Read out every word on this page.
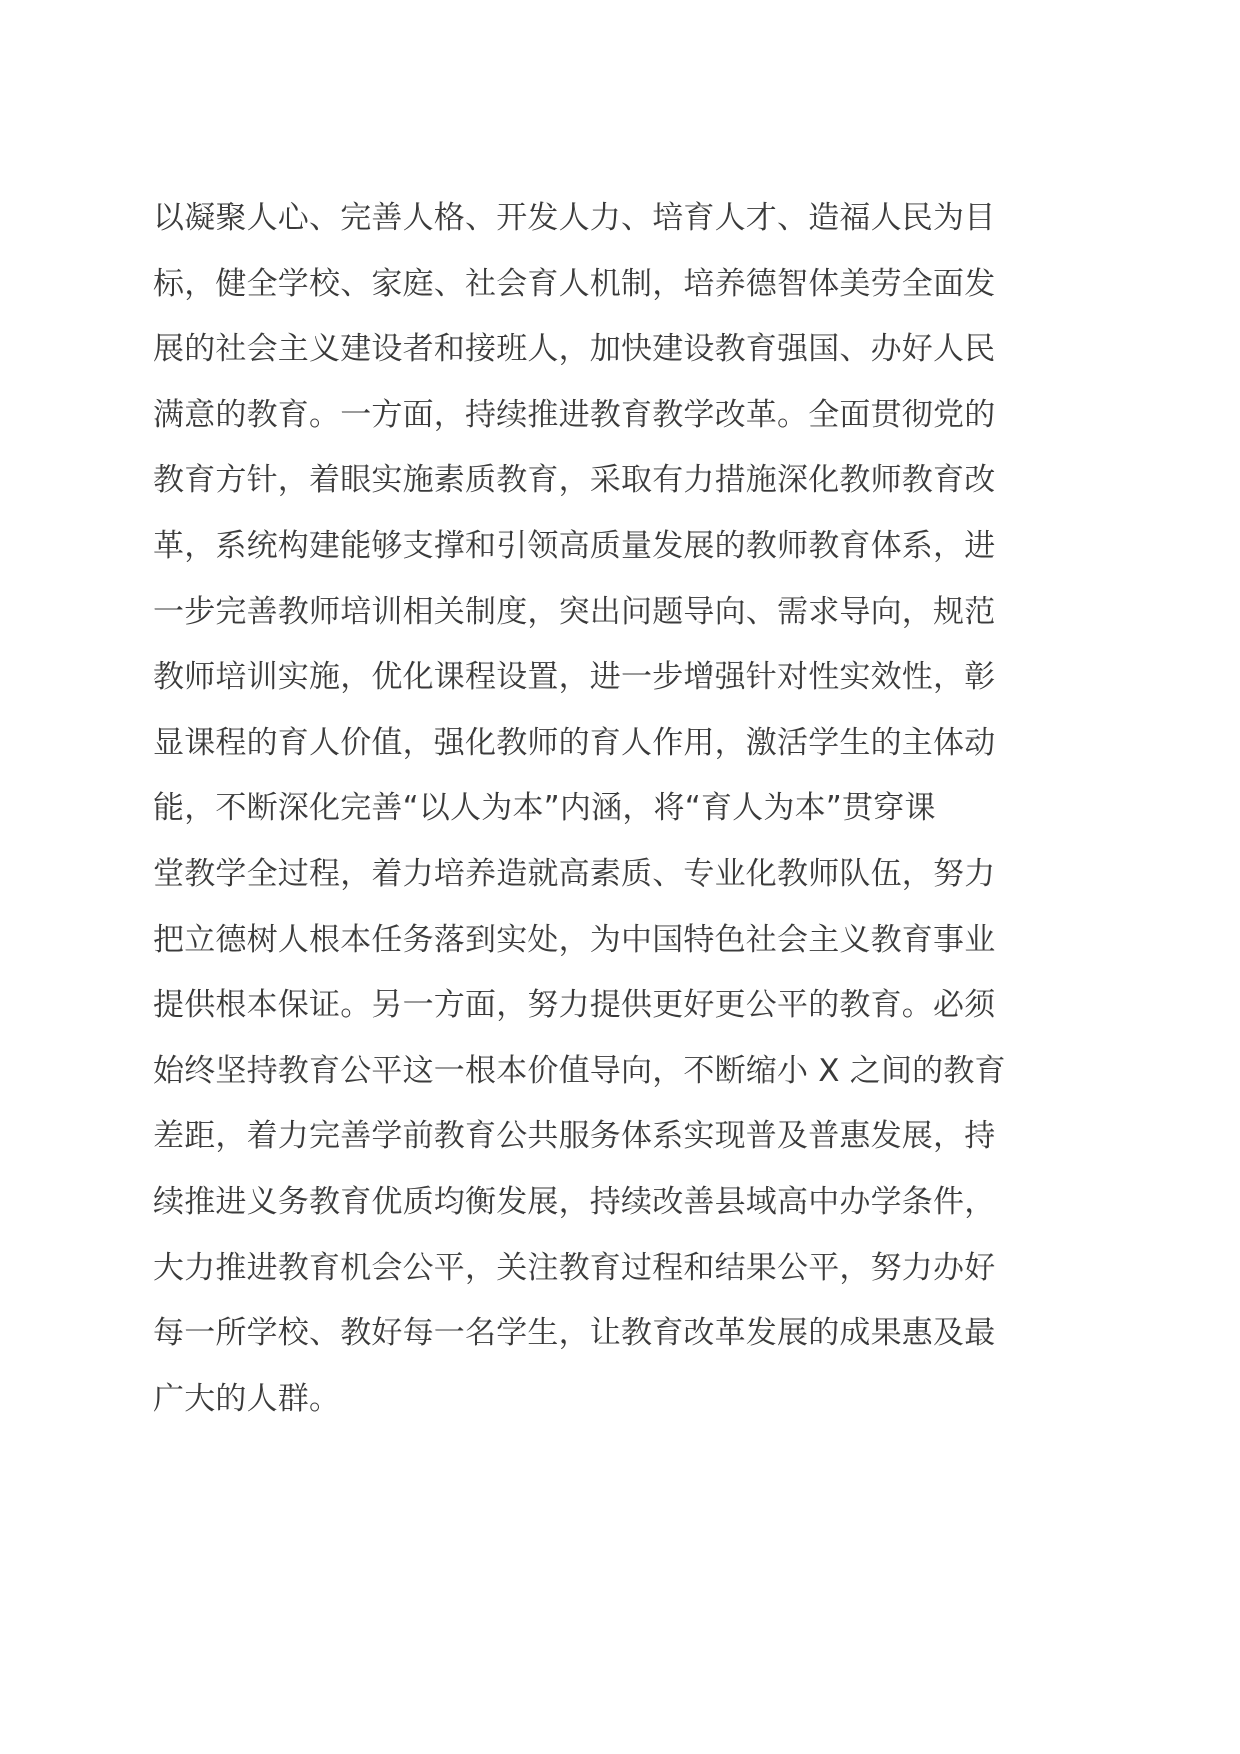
以凝聚人心、完善人格、开发人力、培育人才、造福人民为目
标，健全学校、家庭、社会育人机制，培养德智体美劳全面发
展的社会主义建设者和接班人，加快建设教育强国、办好人民
满意的教育。一方面，持续推进教育教学改革。全面贯彻党的
教育方针，着眼实施素质教育，采取有力措施深化教师教育改
革，系统构建能够支撑和引领高质量发展的教师教育体系，进
一步完善教师培训相关制度，突出问题导向、需求导向，规范
教师培训实施，优化课程设置，进一步增强针对性实效性，彰
显课程的育人价值，强化教师的育人作用，激活学生的主体动
能，不断深化完善“以人为本”内涵，将“育人为本”贯穿课
堂教学全过程，着力培养造就高素质、专业化教师队伍，努力
把立德树人根本任务落到实处，为中国特色社会主义教育事业
提供根本保证。另一方面，努力提供更好更公平的教育。必须
始终坚持教育公平这一根本价值导向，不断缩小 X 之间的教育
差距，着力完善学前教育公共服务体系实现普及普惠发展，持
续推进义务教育优质均衡发展，持续改善县域高中办学条件，
大力推进教育机会公平，关注教育过程和结果公平，努力办好
每一所学校、教好每一名学生，让教育改革发展的成果惠及最
广大的人群。
